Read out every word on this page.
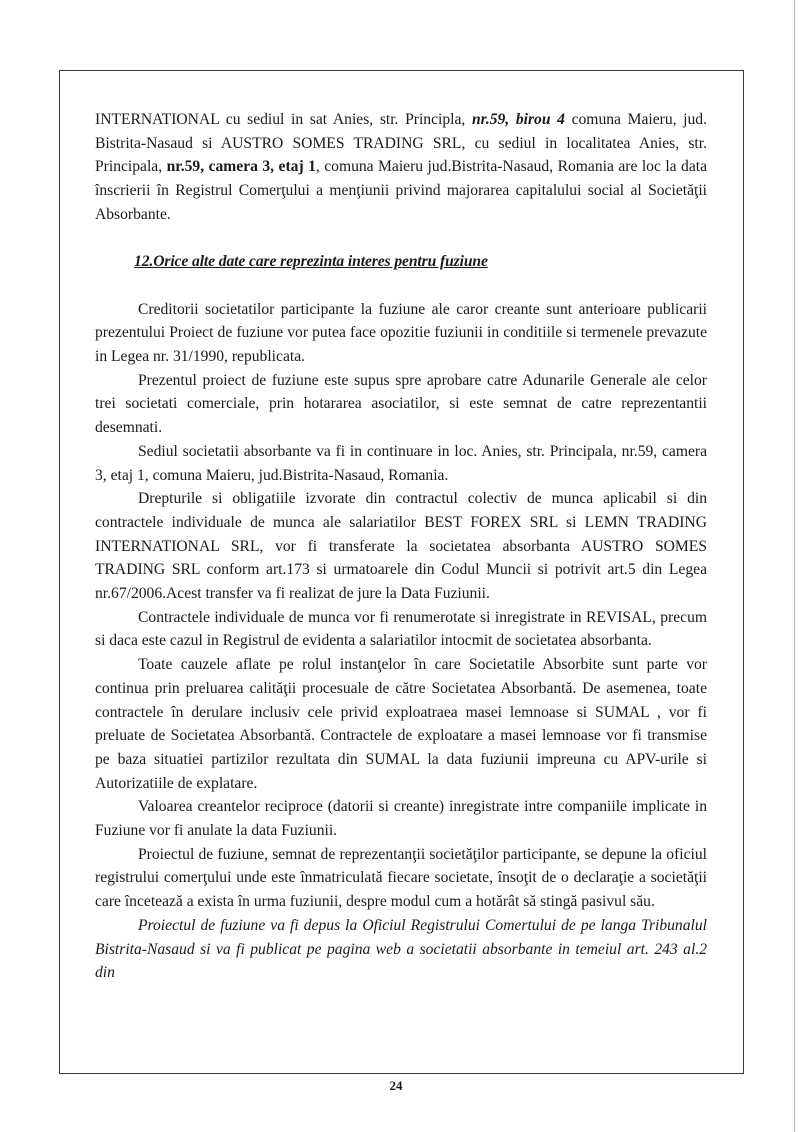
INTERNATIONAL cu sediul in sat Anies, str. Principla, nr.59, birou 4 comuna Maieru, jud. Bistrita-Nasaud si AUSTRO SOMES TRADING SRL, cu sediul in localitatea Anies, str. Principala, nr.59, camera 3, etaj 1, comuna Maieru jud.Bistrita-Nasaud, Romania are loc la data înscrierii în Registrul Comerţului a menţiunii privind majorarea capitalului social al Societăţii Absorbante.

12.Orice alte date care reprezinta interes pentru fuziune

Creditorii societatilor participante la fuziune ale caror creante sunt anterioare publicarii prezentului Proiect de fuziune vor putea face opozitie fuziunii in conditiile si termenele prevazute in Legea nr. 31/1990, republicata.

Prezentul proiect de fuziune este supus spre aprobare catre Adunarile Generale ale celor trei societati comerciale, prin hotararea asociatilor, si este semnat de catre reprezentantii desemnati.

Sediul societatii absorbante va fi in continuare in loc. Anies, str. Principala, nr.59, camera 3, etaj 1, comuna Maieru, jud.Bistrita-Nasaud, Romania.

Drepturile si obligatiile izvorate din contractul colectiv de munca aplicabil si din contractele individuale de munca ale salariatilor BEST FOREX SRL si LEMN TRADING INTERNATIONAL SRL, vor fi transferate la societatea absorbanta AUSTRO SOMES TRADING SRL conform art.173 si urmatoarele din Codul Muncii si potrivit art.5 din Legea nr.67/2006.Acest transfer va fi realizat de jure la Data Fuziunii.

Contractele individuale de munca vor fi renumerotate si inregistrate in REVISAL, precum si daca este cazul in Registrul de evidenta a salariatilor intocmit de societatea absorbanta.

Toate cauzele aflate pe rolul instanţelor în care Societatile Absorbite sunt parte vor continua prin preluarea calităţii procesuale de către Societatea Absorbantă. De asemenea, toate contractele în derulare inclusiv cele privid exploatraea masei lemnoase si SUMAL , vor fi preluate de Societatea Absorbantă. Contractele de exploatare a masei lemnoase vor fi transmise pe baza situatiei partizilor rezultata din SUMAL la data fuziunii impreuna cu APV-urile si Autorizatiile de explatare.

Valoarea creantelor reciproce (datorii si creante) inregistrate intre companiile implicate in Fuziune vor fi anulate la data Fuziunii.

Proiectul de fuziune, semnat de reprezentanţii societăţilor participante, se depune la oficiul registrului comerţului unde este înmatriculată fiecare societate, însoţit de o declaraţie a societăţii care încetează a exista în urma fuziunii, despre modul cum a hotărât să stingă pasivul său.

Proiectul de fuziune va fi depus la Oficiul Registrului Comertului de pe langa Tribunalul Bistrita-Nasaud si va fi publicat pe pagina web a societatii absorbante in temeiul art. 243 al.2 din

24
